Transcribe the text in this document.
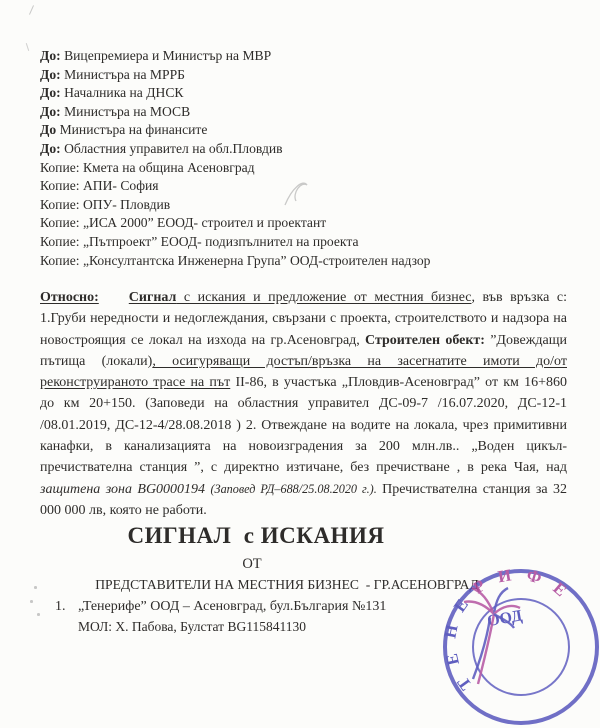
До: Вицепремиера и Министър на МВР
До: Министъра на МРРБ
До: Началника на ДНСК
До: Министъра на МОСВ
До Министъра на финансите
До: Областния управител на обл.Пловдив
Копие: Кмета на община Асеновград
Копие: АПИ- София
Копие: ОПУ- Пловдив
Копие: „ИСА 2000” ЕООД- строител и проектант
Копие: „Пътпроект” ЕООД- подизпълнител на проекта
Копие: „Консултантска Инженерна Група” ООД-строителен надзор

Относно: Сигнал с искания и предложение от местния бизнес, във връзка с: 1.Груби нередности и недоглеждания, свързани с проекта, строителството и надзора на новостроящия се локал на изхода на гр.Асеновград, Строителен обект: ”Довеждащи пътища (локали), осигуряващи достъп/връзка на засегнатите имоти до/от реконструираното трасе на път II-86, в участъка „Пловдив-Асеновград” от км 16+860 до км 20+150. (Заповеди на областния управител ДС-09-7 /16.07.2020, ДС-12-1 /08.01.2019, ДС-12-4/28.08.2018 ) 2. Отвеждане на водите на локала, чрез примитивни канафки, в канализацията на новоизградения за 200 млн.лв.. „Воден цикъл-пречиствателна станция ”, с директно изтичане, без пречистване , в река Чая, над защитена зона BG0000194 (Заповед РД–688/25.08.2020 г.). Пречиствателна станция за 32 000 000 лв, която не работи.

СИГНАЛ  с ИСКАНИЯ
ОТ
ПРЕДСТАВИТЕЛИ НА МЕСТНИЯ БИЗНЕС  - ГР.АСЕНОВГРАД
1. „Тенерифе” ООД – Асеновград, бул.България №131
МОЛ: Х. Пабова, Булстат BG115841130
ТЕНЕРИФЕ
ООД
